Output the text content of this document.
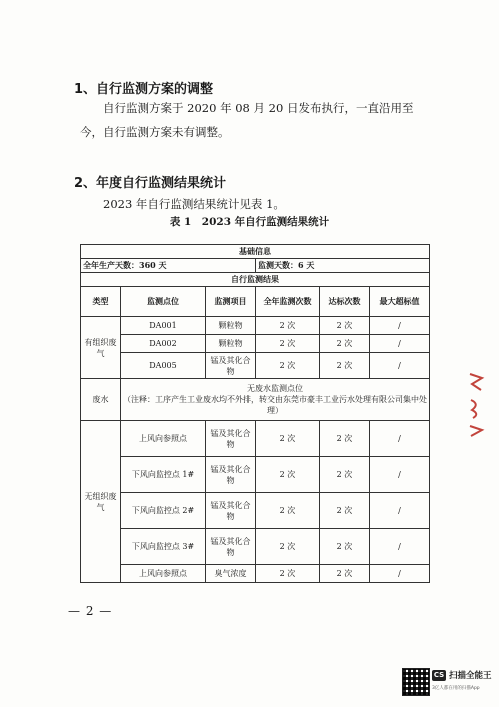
1、自行监测方案的调整
自行监测方案于 2020 年 08 月 20 日发布执行，一直沿用至
今，自行监测方案未有调整。
2、年度自行监测结果统计
2023 年自行监测结果统计见表 1。
表 1　2023 年自行监测结果统计
基础信息					
全年生产天数：360 天			监测天数：6 天		
自行监测结果					
类型	监测点位	监测项目	全年监测次数	达标次数	最大超标值
有组织废气	DA001	颗粒物	2 次	2 次	/
	DA002	颗粒物	2 次	2 次	/
	DA005	锰及其化合物	2 次	2 次	/
废水	无废水监测点位
（注释：工序产生工业废水均不外排，转交由东莞市豪丰工业污水处理有限公司集中处理）				

无组织废气	上风向参照点	锰及其化合物	2 次	2 次	/
	下风向监控点 1#	锰及其化合物	2 次	2 次	/
	下风向监控点 2#	锰及其化合物	2 次	2 次	/
	下风向监控点 3#	锰及其化合物	2 次	2 次	/
	上风向参照点	臭气浓度	2 次	2 次	/
— 2 —
CS 扫描全能王
3亿人都在用的扫描App
